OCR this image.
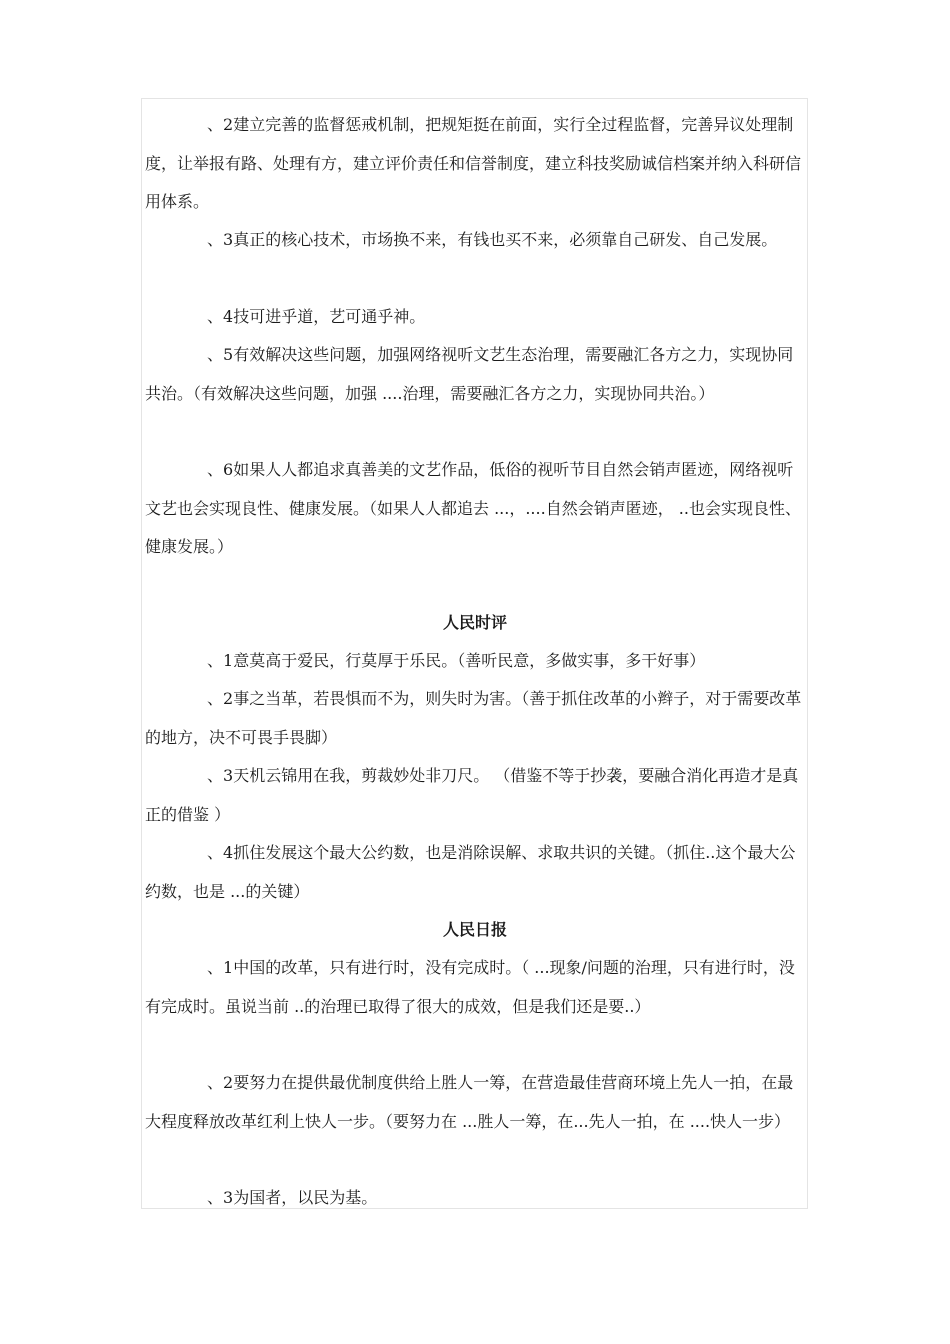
、2建立完善的监督惩戒机制，把规矩挺在前面，实行全过程监督，完善异议处理制度，让举报有路、处理有方，建立评价责任和信誉制度，建立科技奖励诚信档案并纳入科研信用体系。

、3真正的核心技术，市场换不来，有钱也买不来，必须靠自己研发、自己发展。

、4技可进乎道，艺可通乎神。

、5有效解决这些问题，加强网络视听文艺生态治理，需要融汇各方之力，实现协同共治。（有效解决这些问题，加强 ....治理，需要融汇各方之力，实现协同共治。）

、6如果人人都追求真善美的文艺作品，低俗的视听节目自然会销声匿迹，网络视听文艺也会实现良性、健康发展。（如果人人都追去 ...，....自然会销声匿迹， ..也会实现良性、健康发展。）

人民时评

、1意莫高于爱民，行莫厚于乐民。（善听民意，多做实事，多干好事）

、2事之当革，若畏惧而不为，则失时为害。（善于抓住改革的小辫子，对于需要改革的地方，决不可畏手畏脚）

、3天机云锦用在我，剪裁妙处非刀尺。 （借鉴不等于抄袭，要融合消化再造才是真正的借鉴 ）

、4抓住发展这个最大公约数，也是消除误解、求取共识的关键。（抓住..这个最大公约数，也是 ...的关键）

人民日报

、1中国的改革，只有进行时，没有完成时。（ ...现象/问题的治理，只有进行时，没有完成时。虽说当前 ..的治理已取得了很大的成效，但是我们还是要..）

、2要努力在提供最优制度供给上胜人一筹，在营造最佳营商环境上先人一拍，在最大程度释放改革红利上快人一步。（要努力在 ...胜人一筹，在...先人一拍，在 ....快人一步）

、3为国者，以民为基。
